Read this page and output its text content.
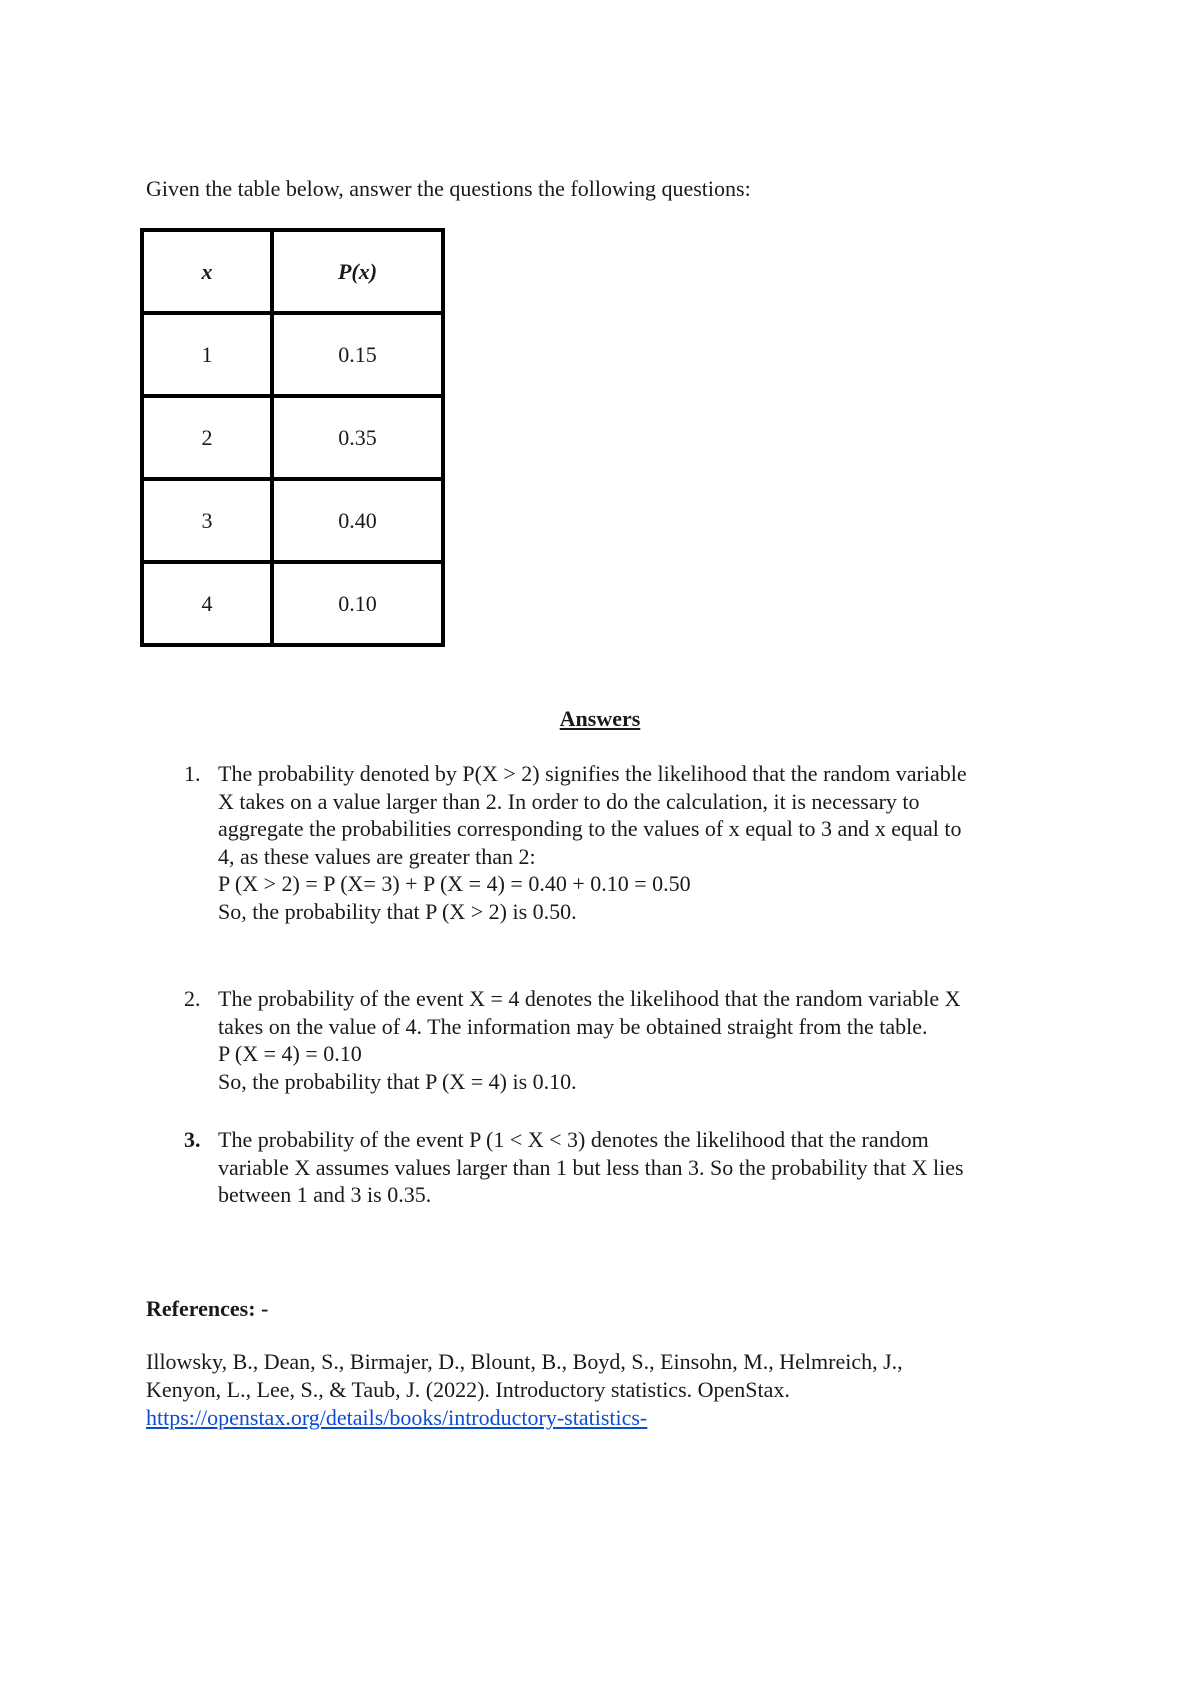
Given the table below, answer the questions the following questions:
x	P(x)
1	0.15
2	0.35
3	0.40
4	0.10
Answers
1. The probability denoted by P(X > 2) signifies the likelihood that the random variable
X takes on a value larger than 2. In order to do the calculation, it is necessary to
aggregate the probabilities corresponding to the values of x equal to 3 and x equal to
4, as these values are greater than 2:
P (X > 2) = P (X= 3) + P (X = 4) = 0.40 + 0.10 = 0.50
So, the probability that P (X > 2) is 0.50.
2. The probability of the event X = 4 denotes the likelihood that the random variable X
takes on the value of 4. The information may be obtained straight from the table.
P (X = 4) = 0.10
So, the probability that P (X = 4) is 0.10.
3. The probability of the event P (1 < X < 3) denotes the likelihood that the random
variable X assumes values larger than 1 but less than 3. So the probability that X lies
between 1 and 3 is 0.35.
References: -
Illowsky, B., Dean, S., Birmajer, D., Blount, B., Boyd, S., Einsohn, M., Helmreich, J.,
Kenyon, L., Lee, S., & Taub, J. (2022). Introductory statistics. OpenStax.
https://openstax.org/details/books/introductory-statistics-
